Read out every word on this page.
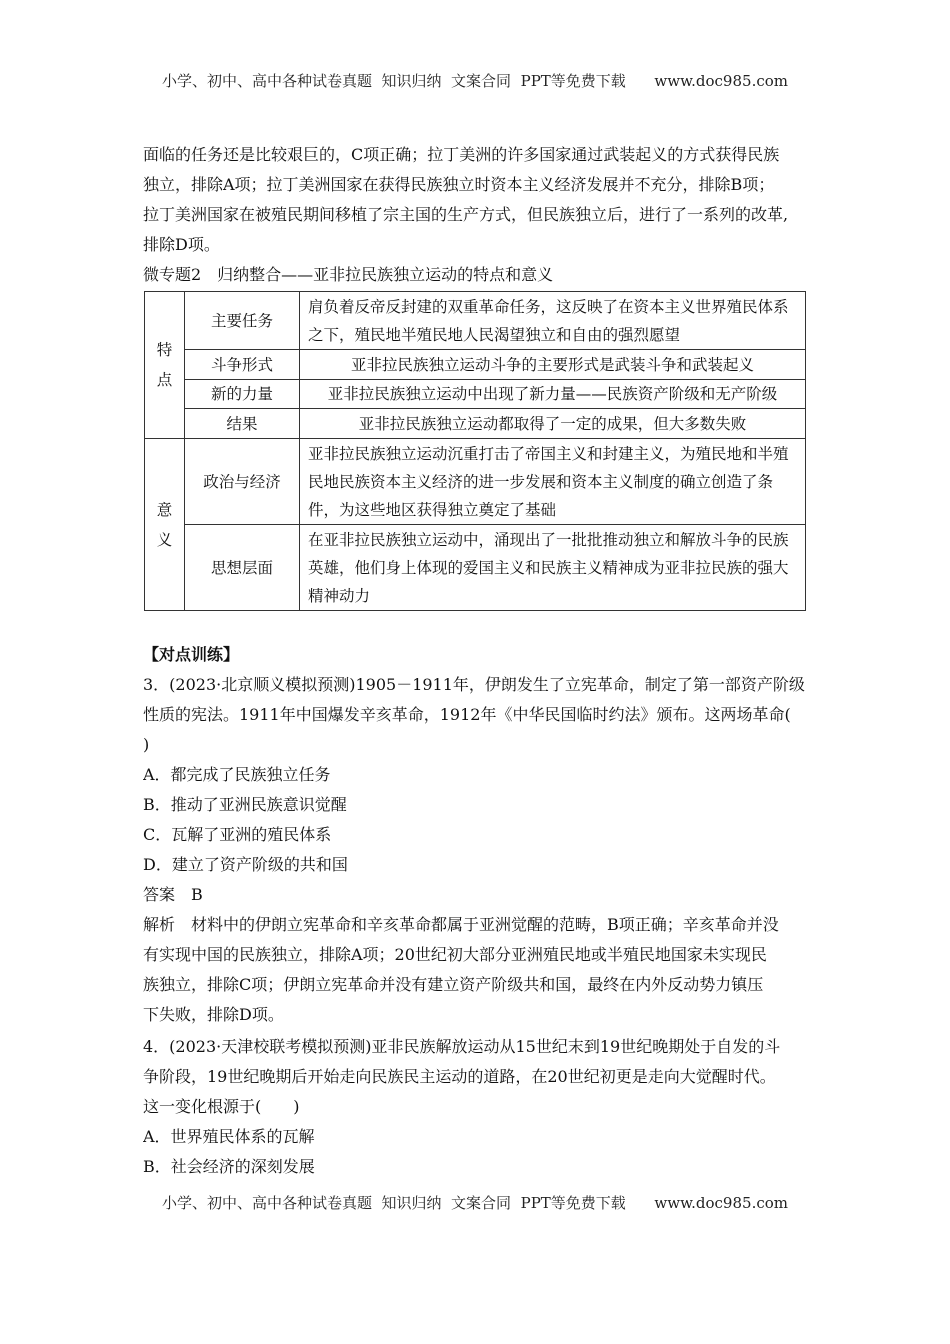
小学、初中、高中各种试卷真题  知识归纳  文案合同  PPT等免费下载      www.doc985.com
面临的任务还是比较艰巨的，C项正确；拉丁美洲的许多国家通过武装起义的方式获得民族
独立，排除A项；拉丁美洲国家在获得民族独立时资本主义经济发展并不充分，排除B项；
拉丁美洲国家在被殖民期间移植了宗主国的生产方式，但民族独立后，进行了一系列的改革,
排除D项。
微专题2　归纳整合——亚非拉民族独立运动的特点和意义
特点	主要任务	肩负着反帝反封建的双重革命任务，这反映了在资本主义世界殖民体系之下，殖民地半殖民地人民渴望独立和自由的强烈愿望
	斗争形式	亚非拉民族独立运动斗争的主要形式是武装斗争和武装起义
	新的力量	亚非拉民族独立运动中出现了新力量——民族资产阶级和无产阶级
	结果	亚非拉民族独立运动都取得了一定的成果，但大多数失败
意义	政治与经济	亚非拉民族独立运动沉重打击了帝国主义和封建主义，为殖民地和半殖民地民族资本主义经济的进一步发展和资本主义制度的确立创造了条件，为这些地区获得独立奠定了基础
	思想层面	在亚非拉民族独立运动中，涌现出了一批批推动独立和解放斗争的民族英雄，他们身上体现的爱国主义和民族主义精神成为亚非拉民族的强大精神动力
【对点训练】
3．(2023·北京顺义模拟预测)1905－1911年，伊朗发生了立宪革命，制定了第一部资产阶级
性质的宪法。1911年中国爆发辛亥革命，1912年《中华民国临时约法》颁布。这两场革命(
)
A．都完成了民族独立任务
B．推动了亚洲民族意识觉醒
C．瓦解了亚洲的殖民体系
D．建立了资产阶级的共和国
答案　B
解析　材料中的伊朗立宪革命和辛亥革命都属于亚洲觉醒的范畴，B项正确；辛亥革命并没
有实现中国的民族独立，排除A项；20世纪初大部分亚洲殖民地或半殖民地国家未实现民
族独立，排除C项；伊朗立宪革命并没有建立资产阶级共和国，最终在内外反动势力镇压
下失败，排除D项。
4．(2023·天津校联考模拟预测)亚非民族解放运动从15世纪末到19世纪晚期处于自发的斗
争阶段，19世纪晚期后开始走向民族民主运动的道路，在20世纪初更是走向大觉醒时代。
这一变化根源于(　　)
A．世界殖民体系的瓦解
B．社会经济的深刻发展
小学、初中、高中各种试卷真题  知识归纳  文案合同  PPT等免费下载      www.doc985.com
